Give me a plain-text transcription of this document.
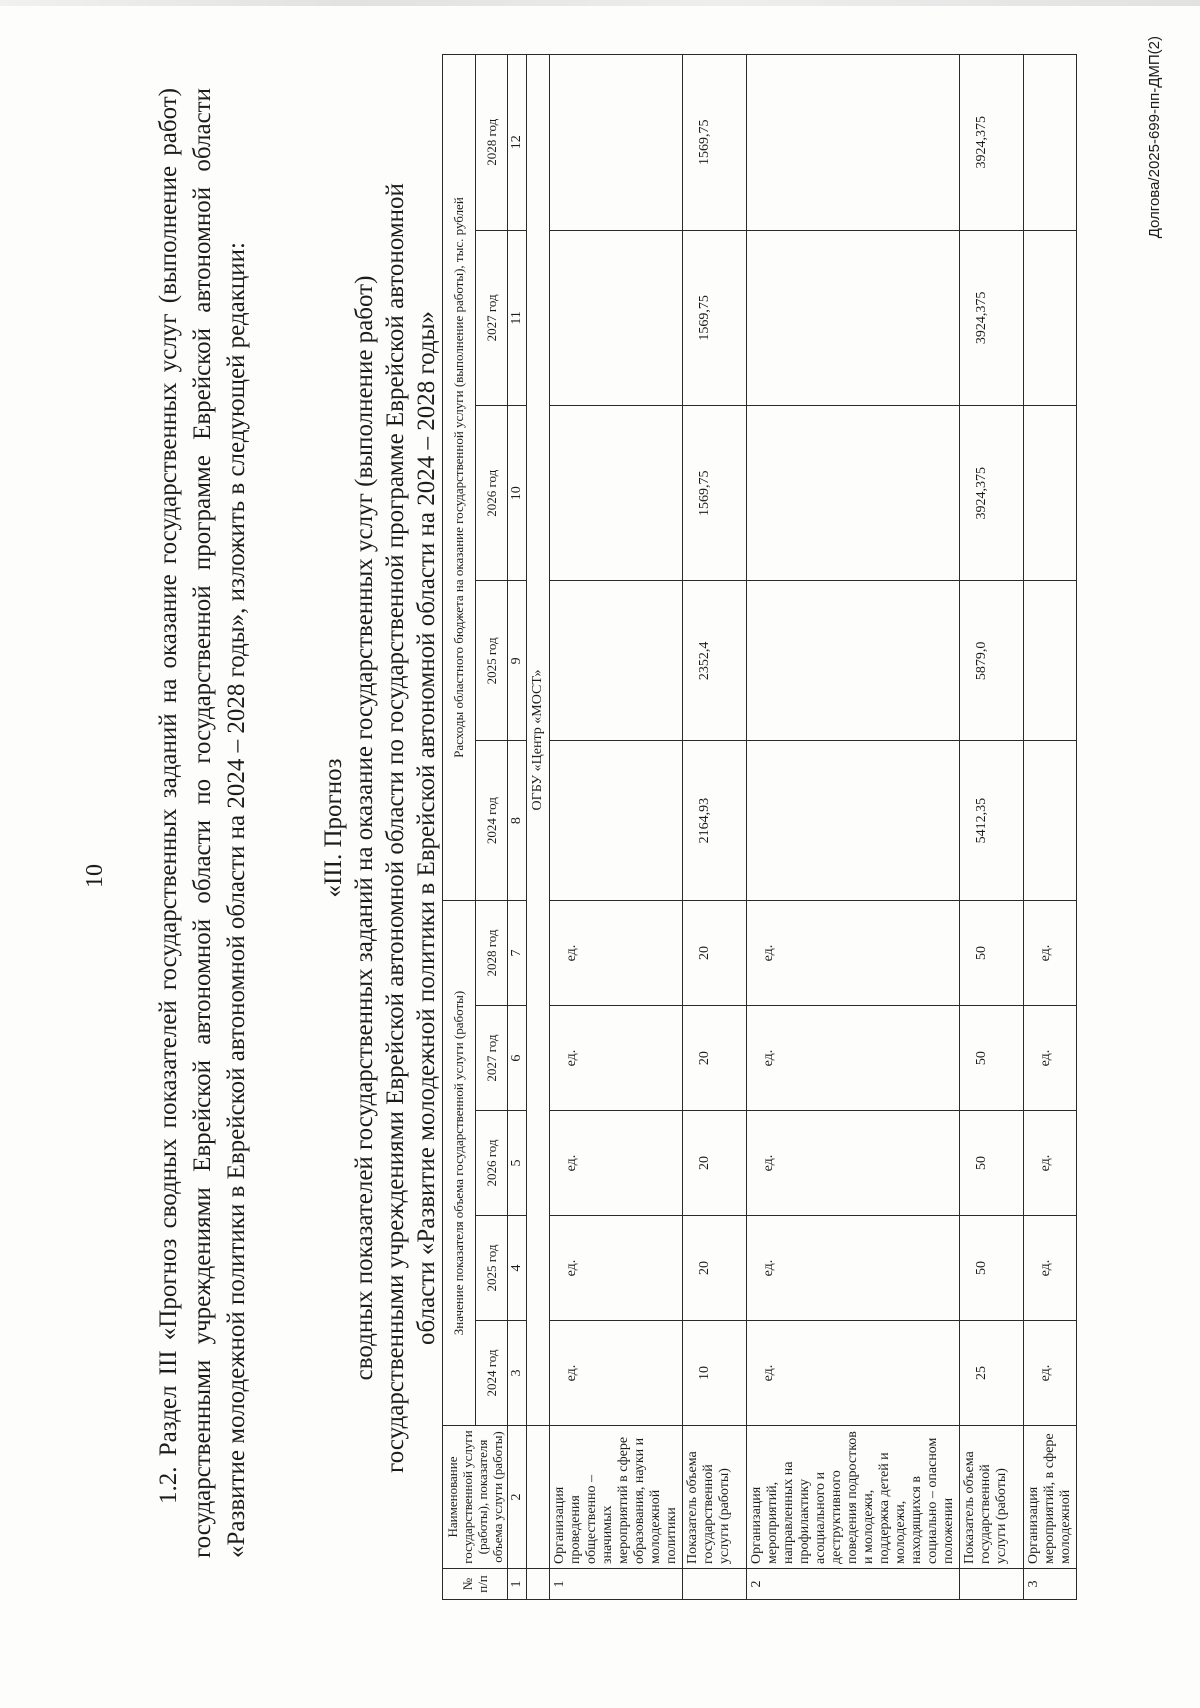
10 1.2. Раздел III «Прогноз сводных показателей государственных заданий на оказание государственных услуг (выполнение работ) государственными учреждениями Еврейской автономной области по государственной программе Еврейской автономной области «Развитие молодежной политики в Еврейской автономной области на 2024 – 2028 годы», изложить в следующей редакции:	«III. Прогноз сводных показателей государственных заданий на оказание государственных услуг (выполнение работ) государственными учреждениями Еврейской автономной области по государственной программе Еврейской автономной области «Развитие молодежной политики в Еврейской автономной области на 2024 – 2028 годы»
№ п/п	Наименование государственной услуги (работы), показателя объема услуги (работы)	Значение показателя объема государственной услуги (работы)					Расходы областного бюджета на оказание государственной услуги (выполнение работы), тыс. рублей				
		2024 год	2025 год	2026 год	2027 год	2028 год	2024 год	2025 год	2026 год	2027 год	2028 год
1	2	3	4	5	6	7	8	9	10	11	12
		ОГБУ «Центр «МОСТ»									
1	Организация проведения общественно – значимых мероприятий в сфере образования, науки и молодежной политики	ед.	ед.	ед.	ед.	ед.					
	Показатель объема государственной услуги (работы)	10	20	20	20	20	2164,93	2352,4	1569,75	1569,75	1569,75
2	Организация мероприятий, направленных на профилактику асоциального и деструктивного поведения подростков и молодежи, поддержка детей и молодежи, находящихся в социально – опасном положении	ед.	ед.	ед.	ед.	ед.					
	Показатель объема государственной услуги (работы)	25	50	50	50	50	5412,35	5879,0	3924,375	3924,375	3924,375
3	Организация мероприятий, в сфере молодежной	ед.	ед.	ед.	ед.	ед.					
Долгова/2025-699-пп-ДМП(2)
